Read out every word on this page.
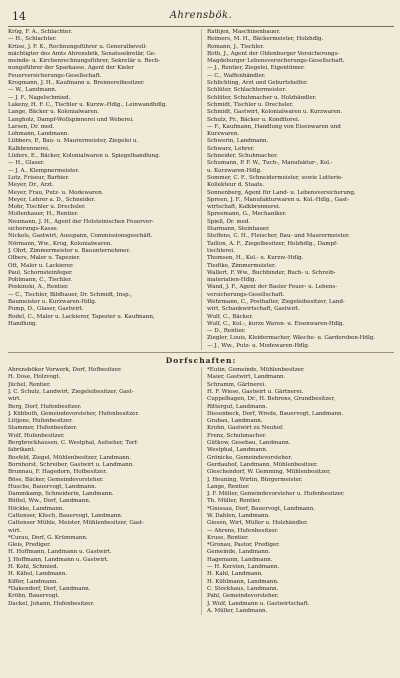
14	Ahrensbök.
Krüg, F. A., Schlachter.
— H., Schlachter.
Krüse, J. F. K., Rechnungsführer u. Generalbevoll-
mächtigter des Amts Ahrensbök, Senatssekretär, Ge-
meinde- u. Kirchenrechnungsführer, Sekretär u. Rech-
nungsführer der Sparkasse, Agent der Kieler
Feuerversicherungs-Gesellschaft.
Krogmann, J. H., Kaufmann u. Brennereibesitzer.
— W., Landmann.
— J. F., Nagelschmied.
Lakeny, H. F. C., Tischler u. Kurzw.-Hdlg., Leinwandhdlg.
Lange, Bäcker u. Kolonialwaren.
Langholz, Dampf-Wollspinnerei und Weberei.
Larsen, Dr. med.
Lohmann, Landmann.
Lübbers, P., Bau- u. Maurermeister, Ziegelei u.
Kalkbrennerei.
Lüders, E., Bäcker, Kolonialwaren u. Spiegelhandlung.
— H., Glaser.
— J. A., Klempnermeister.
Lutz, Friseur, Barbier.
Meyer, Dr., Arzt.
Meyer, Frau, Putz- u. Modewaren.
Meyer, Lehrer a. D., Schneider.
Mohr, Tischler u. Drechsler.
Mollenhauer, H., Rentier.
Neumann, J. H., Agent der Holsteinischen Feuerver-
sicherungs-Kasse.
Nickels, Gastwirt, Ausspann, Commissionsgeschäft.
Nörmann, Ww., Krug, Kolonialwaren.
J. Ohrt, Zimmermeister u. Bauunternehmer.
Olbers, Maler u. Tapezier.
Ott, Maler u. Lackierer.
Paul, Schornsteinfeger.
Pohlmann, C., Tischler.
Poskinski, A., Rentier.
— C., Tischler, Bildhauer, Dr. Schmidt, Insp.,
Baumeister u. Kurzwaren-Hdlg.
Pump, D., Glaser, Gastwirt.
Rodel, C., Maler u. Lackierer, Tapezier u. Kaufmann,
Handlung.
Rathjen, Maschinenbauer.
Reimers, M. H., Bäckermeister, Holzhdlg.
Romann, J., Tischler.
Roth, J., Agent der Oldenburger Versicherungs-
Magdeburger Lebensversicherungs-Gesellschaft.
— J., Rentier, Ziegelei, Eigentümer.
— C., Waffenhändler.
Schlichting, Arzt und Geburtshelfer.
Schlüter, Schlachtermeister.
Schlüter, Schuhmacher u. Holzhändler.
Schmidt, Tischler u. Drechsler.
Schmidt, Gastwirt, Kolonialwaren u. Kurzwaren.
Schulz, Fr., Bäcker u. Konditorei.
— F., Kaufmann, Handlung von Eisenwaren und
Kurzwaren.
Schwerin, Landmann.
Schwarz, Lehrer.
Schneider, Schuhmacher.
Schumann, P. F. W., Tuch-, Manufaktur-, Kol.-
u. Kurzwaren-Hdlg.
Sommer, C. F., Schneidermeister, sowie Lotterie-
Kollekteur d. Staats.
Sonnenberg, Agent für Land- u. Lebensversicherung.
Spreen, J. F., Manufakturwaren u. Kol.-Hdlg., Gast-
wirtschaft, Kalkbrennerei.
Spreemann, G., Mechaniker.
Spieß, Dr. med.
Starmann, Steinhauer.
Steffens, C. H., Fleischer, Bau- und Maurermeister.
Taillon, A. F., Ziegelbesitzer, Holzhdlg., Dampf-
tischlerei.
Thomsen, H., Kol.- u. Kurzw.-Hdlg.
Tiedtke, Zimmermeister.
Wallert, F. Ww., Buchbinder, Buch- u. Schreib-
materialien-Hdlg.
Wand, J. F., Agent der Basler Feuer- u. Lebens-
versicherungs-Gesellschaft.
Wehrmann, C., Posthalter, Ziegeleibesitzer, Land-
wirt, Schankwirtschaft, Gastwirt.
Wulf, C., Bäcker.
Wulf, C., Kol.-, kurze Waren- u. Eisenwaren-Hdlg.
— D., Rentier.
Ziegler, Louis, Kleidermacher, Wäsche- u. Garderoben-Hdlg.
— J., Ww., Putz- u. Modewaren-Hdlg.
Dorfschaften:
Ahrensböker Vorwerk, Dorf, Hofbesitzer.
H. Dose, Holzvogt.
Jüchel, Rentier.
J. C. Schulz, Landwirt, Ziegeleibesitzer, Gast-
wirt.
Berg, Dorf, Hufenbesitzer.
J. Kübbuth, Gemeindevorsteher, Hufenbesitzer.
Lütjens, Hufenbesitzer.
Stammer, Hufenbesitzer.
Wulf, Hufenbesitzer.
Bergbrockhausen, C. Westphal, Aufseher, Torf-
fabrikant.
Bosfeld, Ziegel, Mühlenbesitzer, Landmann.
Bornhorst, Schreiber, Gastwirt u. Landmann.
Brunnau, F. Hagedorn, Hofbesitzer.
Böse, Bäcker, Gemeindevorsteher.
Husche, Bauervogt, Landmann.
Dammkamp, Schneiderin, Landmann.
Büttel, Ww., Dorf, Landmann.
Höckke, Landmann.
Cattenser, Klisch, Bauervogt, Landmann.
Cattenser Mühle, Meister, Mühlenbesitzer, Gast-
wirt.
*Curau, Dorf, G. Krümmann.
Gleis, Prediger.
H. Hoffmann, Landmann u. Gastwirt.
J. Hoffmann, Landmann u. Gastwirt.
H. Kohl, Schmied.
H. Kähel, Landmann.
Kiffer, Landmann.
*Dakendorf, Dorf, Landmann.
Kröhn, Bauervogt.
Dackel, Johann, Hufenbesitzer.
*Eutin, Gemeinde, Mühlenbesitzer.
Maier, Gastwirt, Landmann.
Schramm, Gärtnerei.
H. F. Wiese, Gastwirt u. Gärtnerei.
Cuppelhagen, Dr., H. Behrens, Grundbesitzer,
Rittergut, Landmann.
Dissenbeck, Dorf, Wrede, Bauervogt, Landmann.
Grabau, Landmann.
Krohn, Gastwirt zu Neuhof.
Frenz, Schuhmacher.
Gütkow, Gesebau, Landmann.
Westphal, Landmann.
Grönicke, Gemeindevorsteher.
Gerdauhof, Landmann, Mühlenbesitzer.
Gleschendorf, W. Gemming, Mühlenbesitzer,
J. Heuning, Wirtin, Bürgermeister.
Lange, Rentier.
J. F. Müller, Gemeindevorsteher u. Hufenbesitzer.
Th. Müller, Rentier.
*Gnissau, Dorf, Bauervogt, Landmann.
W. Dahlen, Landmann.
Giesen, Wirt, Müller u. Holzhändler.
— Ahrens, Hufenbesitzer.
Kruse, Rentier.
*Gronau, Pastor, Prediger.
Gemeinde, Landmann.
Hagemann, Landmann.
— H. Kersten, Landmann.
H. Kahl, Landmann.
H. Kühlmann, Landmann.
C. Stockhaus, Landmann.
Pahl, Gemeindevorsteher.
J. Wulf, Landmann u. Gastwirtschaft.
A. Müller, Landmann.
